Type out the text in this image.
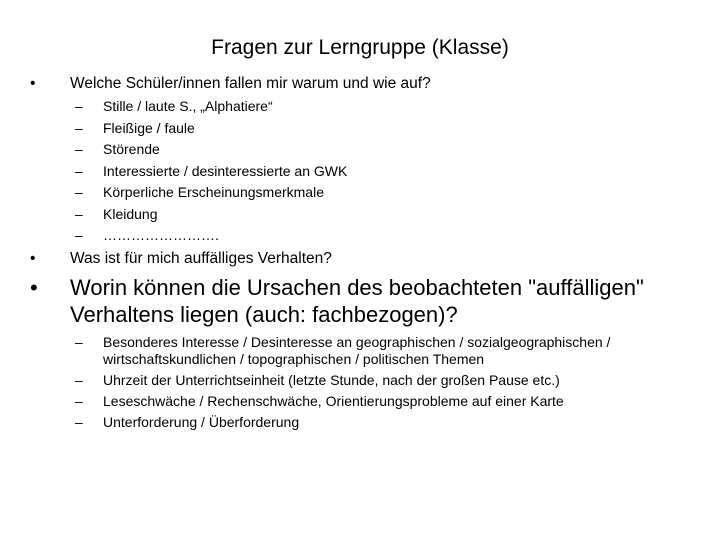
Fragen zur Lerngruppe (Klasse)
• Welche Schüler/innen fallen mir warum und wie auf?
– Stille / laute S., „Alphatiere“
– Fleißige / faule
– Störende
– Interessierte / desinteressierte an GWK
– Körperliche Erscheinungsmerkmale
– Kleidung
– …………………….
• Was ist für mich auffälliges Verhalten?
• Worin können die Ursachen des beobachteten "auffälligen" Verhaltens liegen (auch: fachbezogen)?
– Besonderes Interesse / Desinteresse an geographischen / sozialgeographischen / wirtschaftskundlichen / topographischen / politischen Themen
– Uhrzeit der Unterrichtseinheit (letzte Stunde, nach der großen Pause etc.)
– Leseschwäche / Rechenschwäche, Orientierungsprobleme auf einer Karte
– Unterforderung / Überforderung
